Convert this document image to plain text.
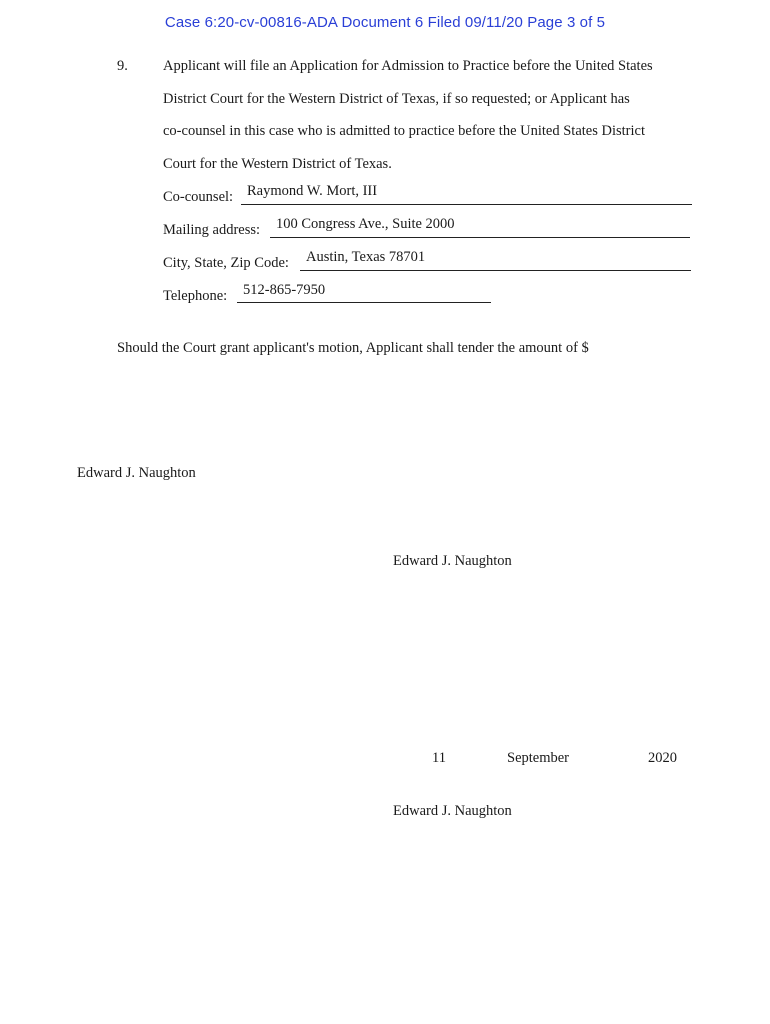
Case 6:20-cv-00816-ADA Document 6 Filed 09/11/20 Page 3 of 5
9. Applicant will file an Application for Admission to Practice before the United States
District Court for the Western District of Texas, if so requested; or Applicant has
co-counsel in this case who is admitted to practice before the United States District
Court for the Western District of Texas.
Co-counsel: Raymond W. Mort, III
Mailing address: 100 Congress Ave., Suite 2000
City, State, Zip Code: Austin, Texas 78701
Telephone: 512-865-7950
Should the Court grant applicant's motion, Applicant shall tender the amount of $
Edward J. Naughton
Edward J. Naughton
11	September	2020
Edward J. Naughton
